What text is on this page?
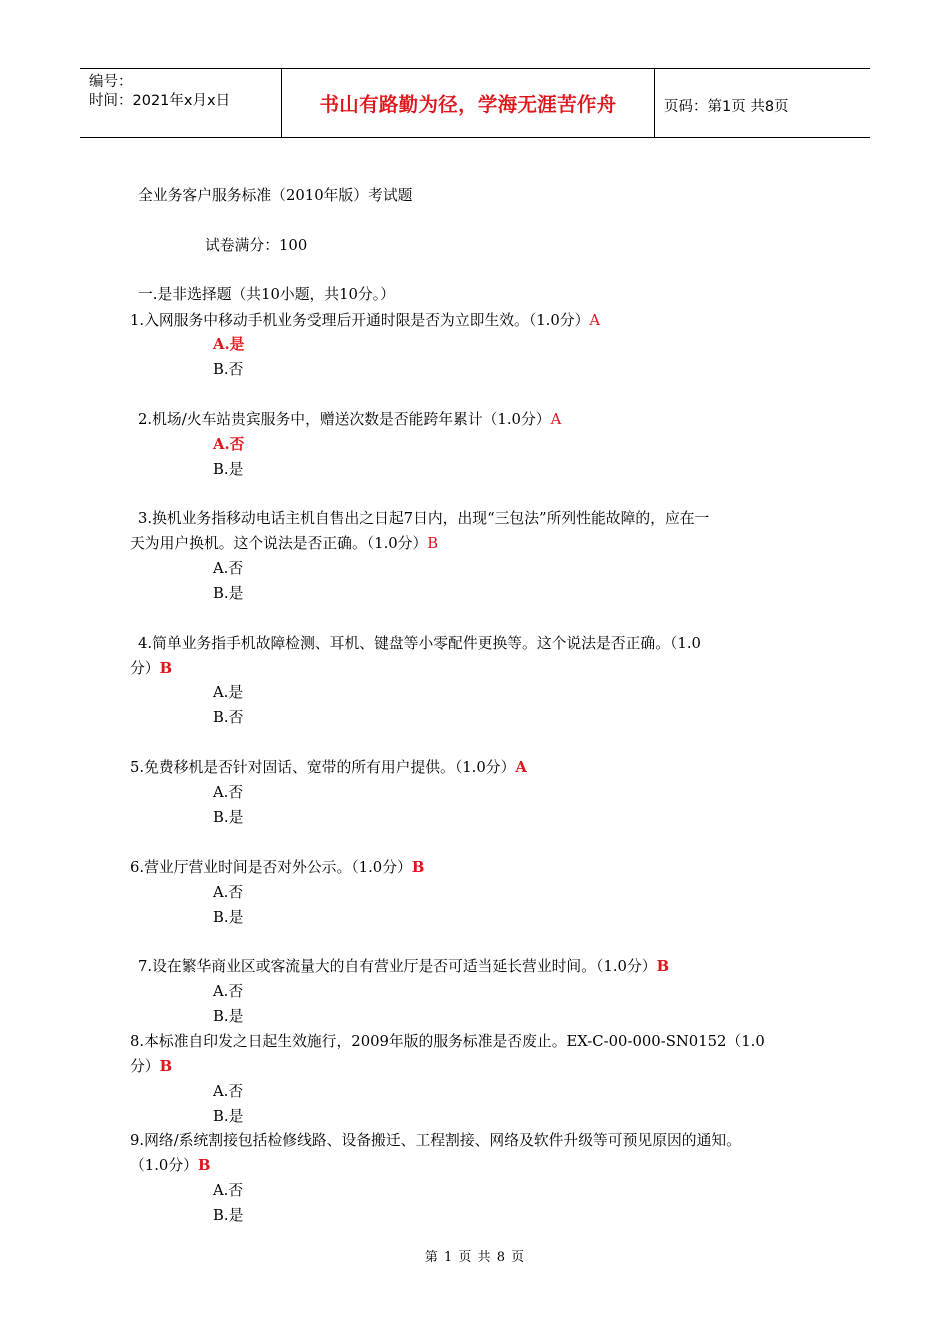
编号：
时间：2021年x月x日	书山有路勤为径，学海无涯苦作舟	页码：第1页 共8页
全业务客户服务标准（2010年版）考试题
试卷满分：100
一.是非选择题（共10小题，共10分。）
1.入网服务中移动手机业务受理后开通时限是否为立即生效。（1.0分）A
A.是
B.否
2.机场/火车站贵宾服务中，赠送次数是否能跨年累计（1.0分）A
A.否
B.是
3.换机业务指移动电话主机自售出之日起7日内，出现“三包法”所列性能故障的，应在一
天为用户换机。这个说法是否正确。（1.0分）B
A.否
B.是
4.简单业务指手机故障检测、耳机、键盘等小零配件更换等。这个说法是否正确。（1.0
分）B
A.是
B.否
5.免费移机是否针对固话、宽带的所有用户提供。（1.0分）A
A.否
B.是
6.营业厅营业时间是否对外公示。（1.0分）B
A.否
B.是
7.设在繁华商业区或客流量大的自有营业厅是否可适当延长营业时间。（1.0分）B
A.否
B.是
8.本标准自印发之日起生效施行，2009年版的服务标准是否废止。EX-C-00-000-SN0152（1.0
分）B
A.否
B.是
9.网络/系统割接包括检修线路、设备搬迁、工程割接、网络及软件升级等可预见原因的通知。
（1.0分）B
A.否
B.是
第 1 页 共 8 页
